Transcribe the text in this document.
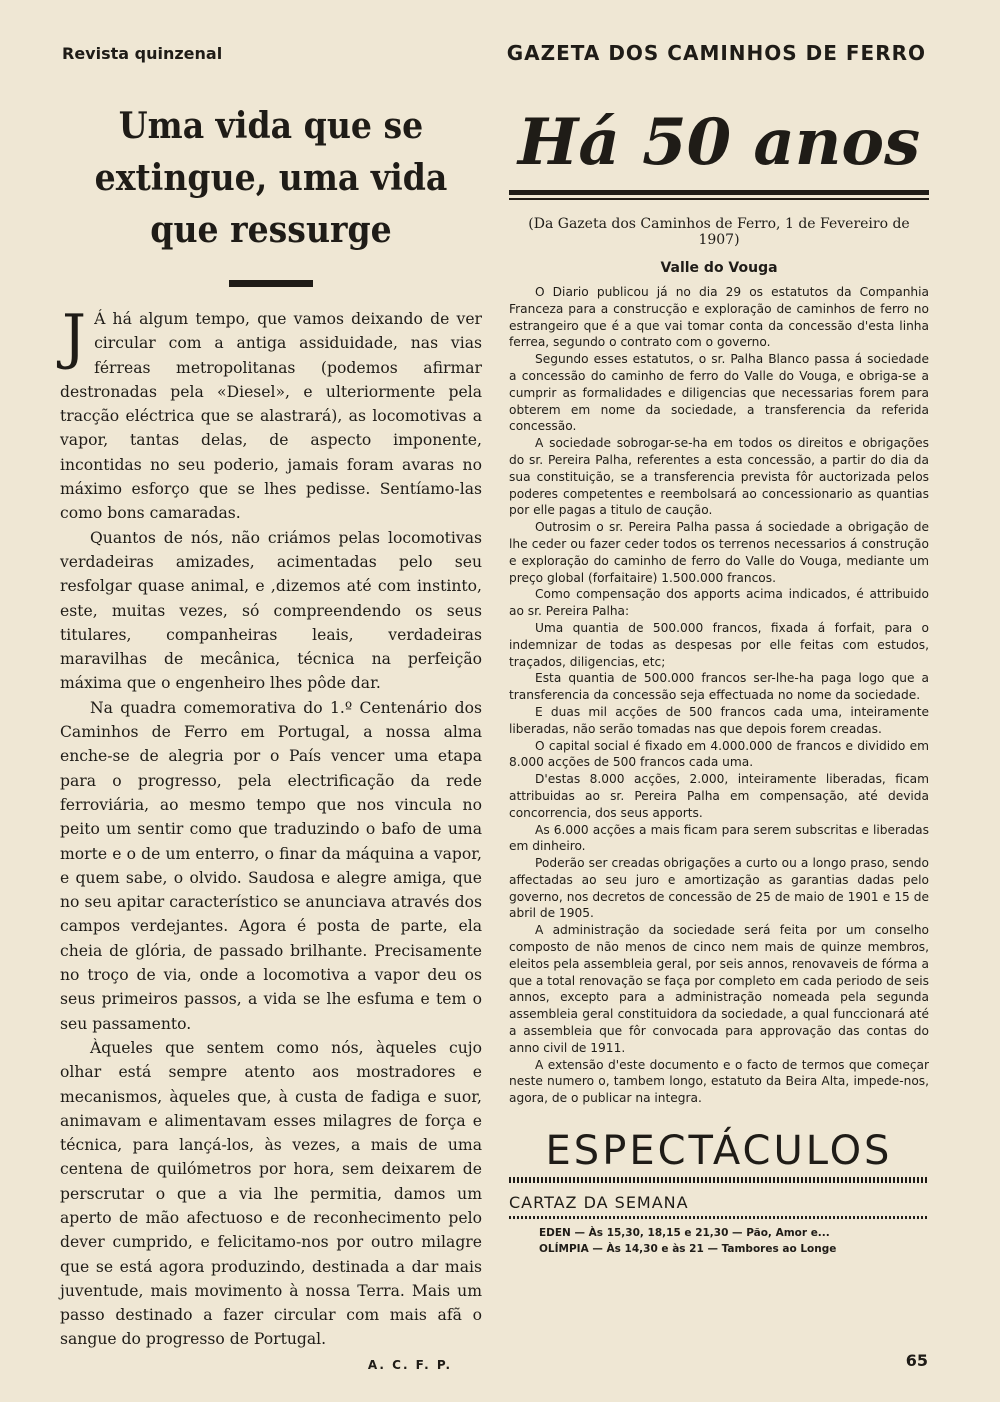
Revista quinzenal	GAZETA DOS CAMINHOS DE FERRO
Uma vida que se extingue, uma vida que ressurge

J Á há algum tempo, que vamos deixando de ver circular com a antiga assiduidade, nas vias férreas metropolitanas (podemos afirmar destronadas pela «Diesel», e ulteriormente pela tracção eléctrica que se alastrará), as locomotivas a vapor, tantas delas, de aspecto imponente, incontidas no seu poderio, jamais foram avaras no máximo esforço que se lhes pedisse. Sentíamo-las como bons camaradas.

Quantos de nós, não criámos pelas locomotivas verdadeiras amizades, acimentadas pelo seu resfolgar quase animal, e ,dizemos até com instinto, este, muitas vezes, só compreendendo os seus titulares, companheiras leais, verdadeiras maravilhas de mecânica, técnica na perfeição máxima que o engenheiro lhes pôde dar.

Na quadra comemorativa do 1.º Centenário dos Caminhos de Ferro em Portugal, a nossa alma enche-se de alegria por o País vencer uma etapa para o progresso, pela electrificação da rede ferroviária, ao mesmo tempo que nos vincula no peito um sentir como que traduzindo o bafo de uma morte e o de um enterro, o finar da máquina a vapor, e quem sabe, o olvido. Saudosa e alegre amiga, que no seu apitar característico se anunciava através dos campos verdejantes. Agora é posta de parte, ela cheia de glória, de passado brilhante. Precisamente no troço de via, onde a locomotiva a vapor deu os seus primeiros passos, a vida se lhe esfuma e tem o seu passamento.

Àqueles que sentem como nós, àqueles cujo olhar está sempre atento aos mostradores e mecanismos, àqueles que, à custa de fadiga e suor, animavam e alimentavam esses milagres de força e técnica, para lançá-los, às vezes, a mais de uma centena de quilómetros por hora, sem deixarem de perscrutar o que a via lhe permitia, damos um aperto de mão afectuoso e de reconhecimento pelo dever cumprido, e felicitamo-nos por outro milagre que se está agora produzindo, destinada a dar mais juventude, mais movimento à nossa Terra. Mais um passo destinado a fazer circular com mais afã o sangue do progresso de Portugal.

A. C. F. P.
Há 50 anos
(Da Gazeta dos Caminhos de Ferro, 1 de Fevereiro de 1907)
Valle do Vouga

O Diario publicou já no dia 29 os estatutos da Companhia Franceza para a construcção e exploração de caminhos de ferro no estrangeiro que é a que vai tomar conta da concessão d'esta linha ferrea, segundo o contrato com o governo.

Segundo esses estatutos, o sr. Palha Blanco passa á sociedade a concessão do caminho de ferro do Valle do Vouga, e obriga-se a cumprir as formalidades e diligencias que necessarias forem para obterem em nome da sociedade, a transferencia da referida concessão.

A sociedade sobrogar-se-ha em todos os direitos e obrigações do sr. Pereira Palha, referentes a esta concessão, a partir do dia da sua constituição, se a transferencia prevista fôr auctorizada pelos poderes competentes e reembolsará ao concessionario as quantias por elle pagas a titulo de caução.

Outrosim o sr. Pereira Palha passa á sociedade a obrigação de lhe ceder ou fazer ceder todos os terrenos necessarios á construção e exploração do caminho de ferro do Valle do Vouga, mediante um preço global (forfaitaire) 1.500.000 francos.

Como compensação dos apports acima indicados, é attribuido ao sr. Pereira Palha:

Uma quantia de 500.000 francos, fixada á forfait, para o indemnizar de todas as despesas por elle feitas com estudos, traçados, diligencias, etc;

Esta quantia de 500.000 francos ser-lhe-ha paga logo que a transferencia da concessão seja effectuada no nome da sociedade.

E duas mil acções de 500 francos cada uma, inteiramente liberadas, não serão tomadas nas que depois forem creadas.

O capital social é fixado em 4.000.000 de francos e dividido em 8.000 acções de 500 francos cada uma.

D'estas 8.000 acções, 2.000, inteiramente liberadas, ficam attribuidas ao sr. Pereira Palha em compensação, até devida concorrencia, dos seus apports.

As 6.000 acções a mais ficam para serem subscritas e liberadas em dinheiro.

Poderão ser creadas obrigações a curto ou a longo praso, sendo affectadas ao seu juro e amortização as garantias dadas pelo governo, nos decretos de concessão de 25 de maio de 1901 e 15 de abril de 1905.

A administração da sociedade será feita por um conselho composto de não menos de cinco nem mais de quinze membros, eleitos pela assembleia geral, por seis annos, renovaveis de fórma a que a total renovação se faça por completo em cada periodo de seis annos, excepto para a administração nomeada pela segunda assembleia geral constituidora da sociedade, a qual funccionará até a assembleia que fôr convocada para approvação das contas do anno civil de 1911.

A extensão d'este documento e o facto de termos que começar neste numero o, tambem longo, estatuto da Beira Alta, impede-nos, agora, de o publicar na integra.

ESPECTÁCULOS
CARTAZ DA SEMANA
EDEN — Às 15,30, 18,15 e 21,30 — Pão, Amor e...
OLÍMPIA — Às 14,30 e às 21 — Tambores ao Longe
65
